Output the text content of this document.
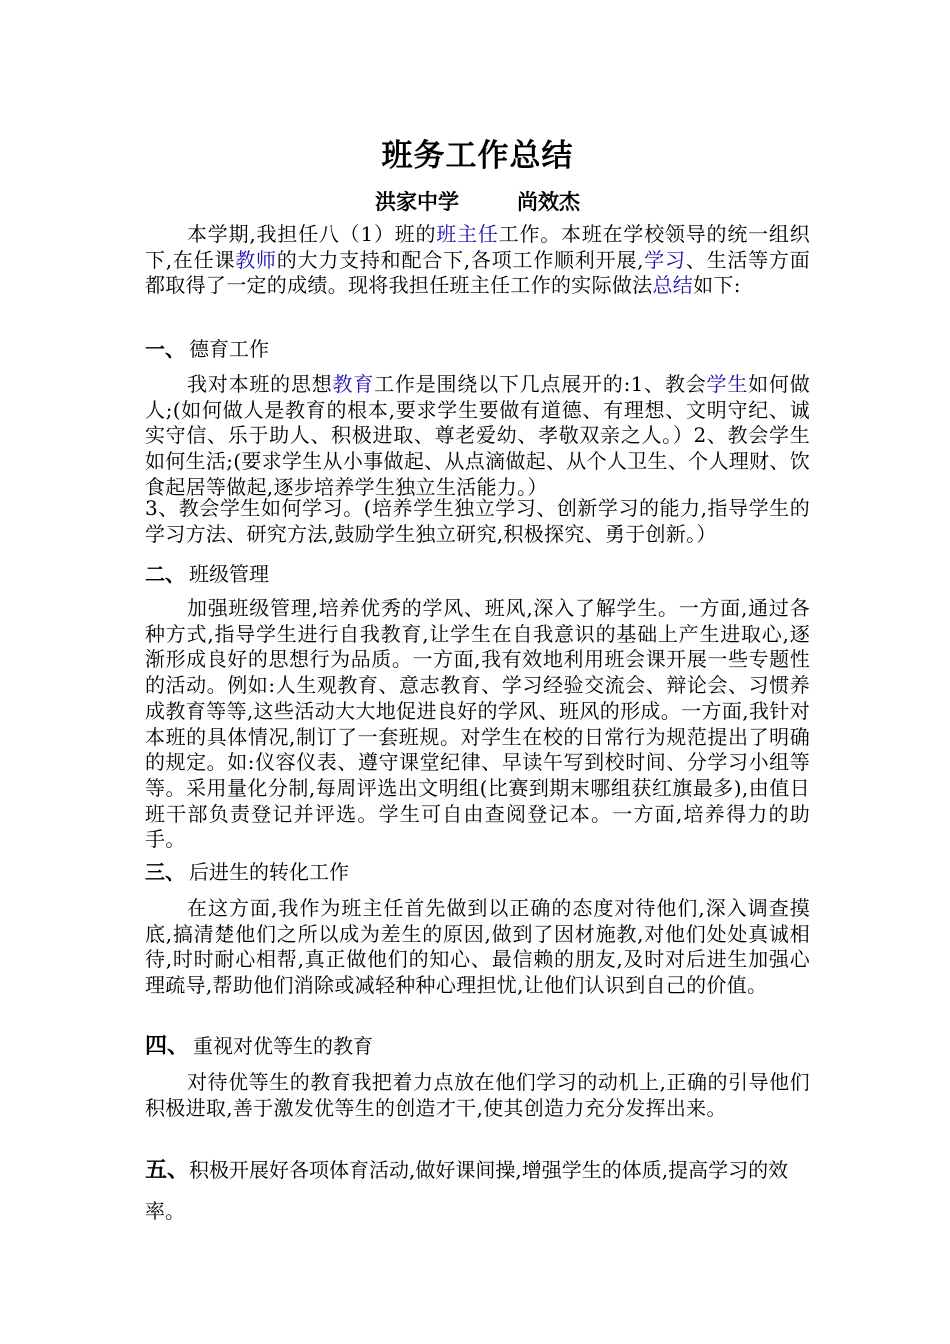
班务工作总结
洪家中学	尚效杰

本学期,我担任八（1）班的班主任工作。本班在学校领导的统一组织下,在任课教师的大力支持和配合下,各项工作顺利开展,学习、生活等方面都取得了一定的成绩。现将我担任班主任工作的实际做法总结如下:

一、 德育工作

我对本班的思想教育工作是围绕以下几点展开的:1、教会学生如何做人;(如何做人是教育的根本,要求学生要做有道德、有理想、文明守纪、诚实守信、乐于助人、积极进取、尊老爱幼、孝敬双亲之人。）2、教会学生如何生活;(要求学生从小事做起、从点滴做起、从个人卫生、个人理财、饮食起居等做起,逐步培养学生独立生活能力。）

3、教会学生如何学习。(培养学生独立学习、创新学习的能力,指导学生的学习方法、研究方法,鼓励学生独立研究,积极探究、勇于创新。）

二、 班级管理

加强班级管理,培养优秀的学风、班风,深入了解学生。一方面,通过各种方式,指导学生进行自我教育,让学生在自我意识的基础上产生进取心,逐渐形成良好的思想行为品质。一方面,我有效地利用班会课开展一些专题性的活动。例如:人生观教育、意志教育、学习经验交流会、辩论会、习惯养成教育等等,这些活动大大地促进良好的学风、班风的形成。一方面,我针对本班的具体情况,制订了一套班规。对学生在校的日常行为规范提出了明确的规定。如:仪容仪表、遵守课堂纪律、早读午写到校时间、分学习小组等等。采用量化分制,每周评选出文明组(比赛到期末哪组获红旗最多),由值日班干部负责登记并评选。学生可自由查阅登记本。一方面,培养得力的助手。

三、 后进生的转化工作

在这方面,我作为班主任首先做到以正确的态度对待他们,深入调查摸底,搞清楚他们之所以成为差生的原因,做到了因材施教,对他们处处真诚相待,时时耐心相帮,真正做他们的知心、最信赖的朋友,及时对后进生加强心理疏导,帮助他们消除或减轻种种心理担忧,让他们认识到自己的价值。

四、 重视对优等生的教育

对待优等生的教育我把着力点放在他们学习的动机上,正确的引导他们积极进取,善于激发优等生的创造才干,使其创造力充分发挥出来。

五、积极开展好各项体育活动,做好课间操,增强学生的体质,提高学习的效率。
